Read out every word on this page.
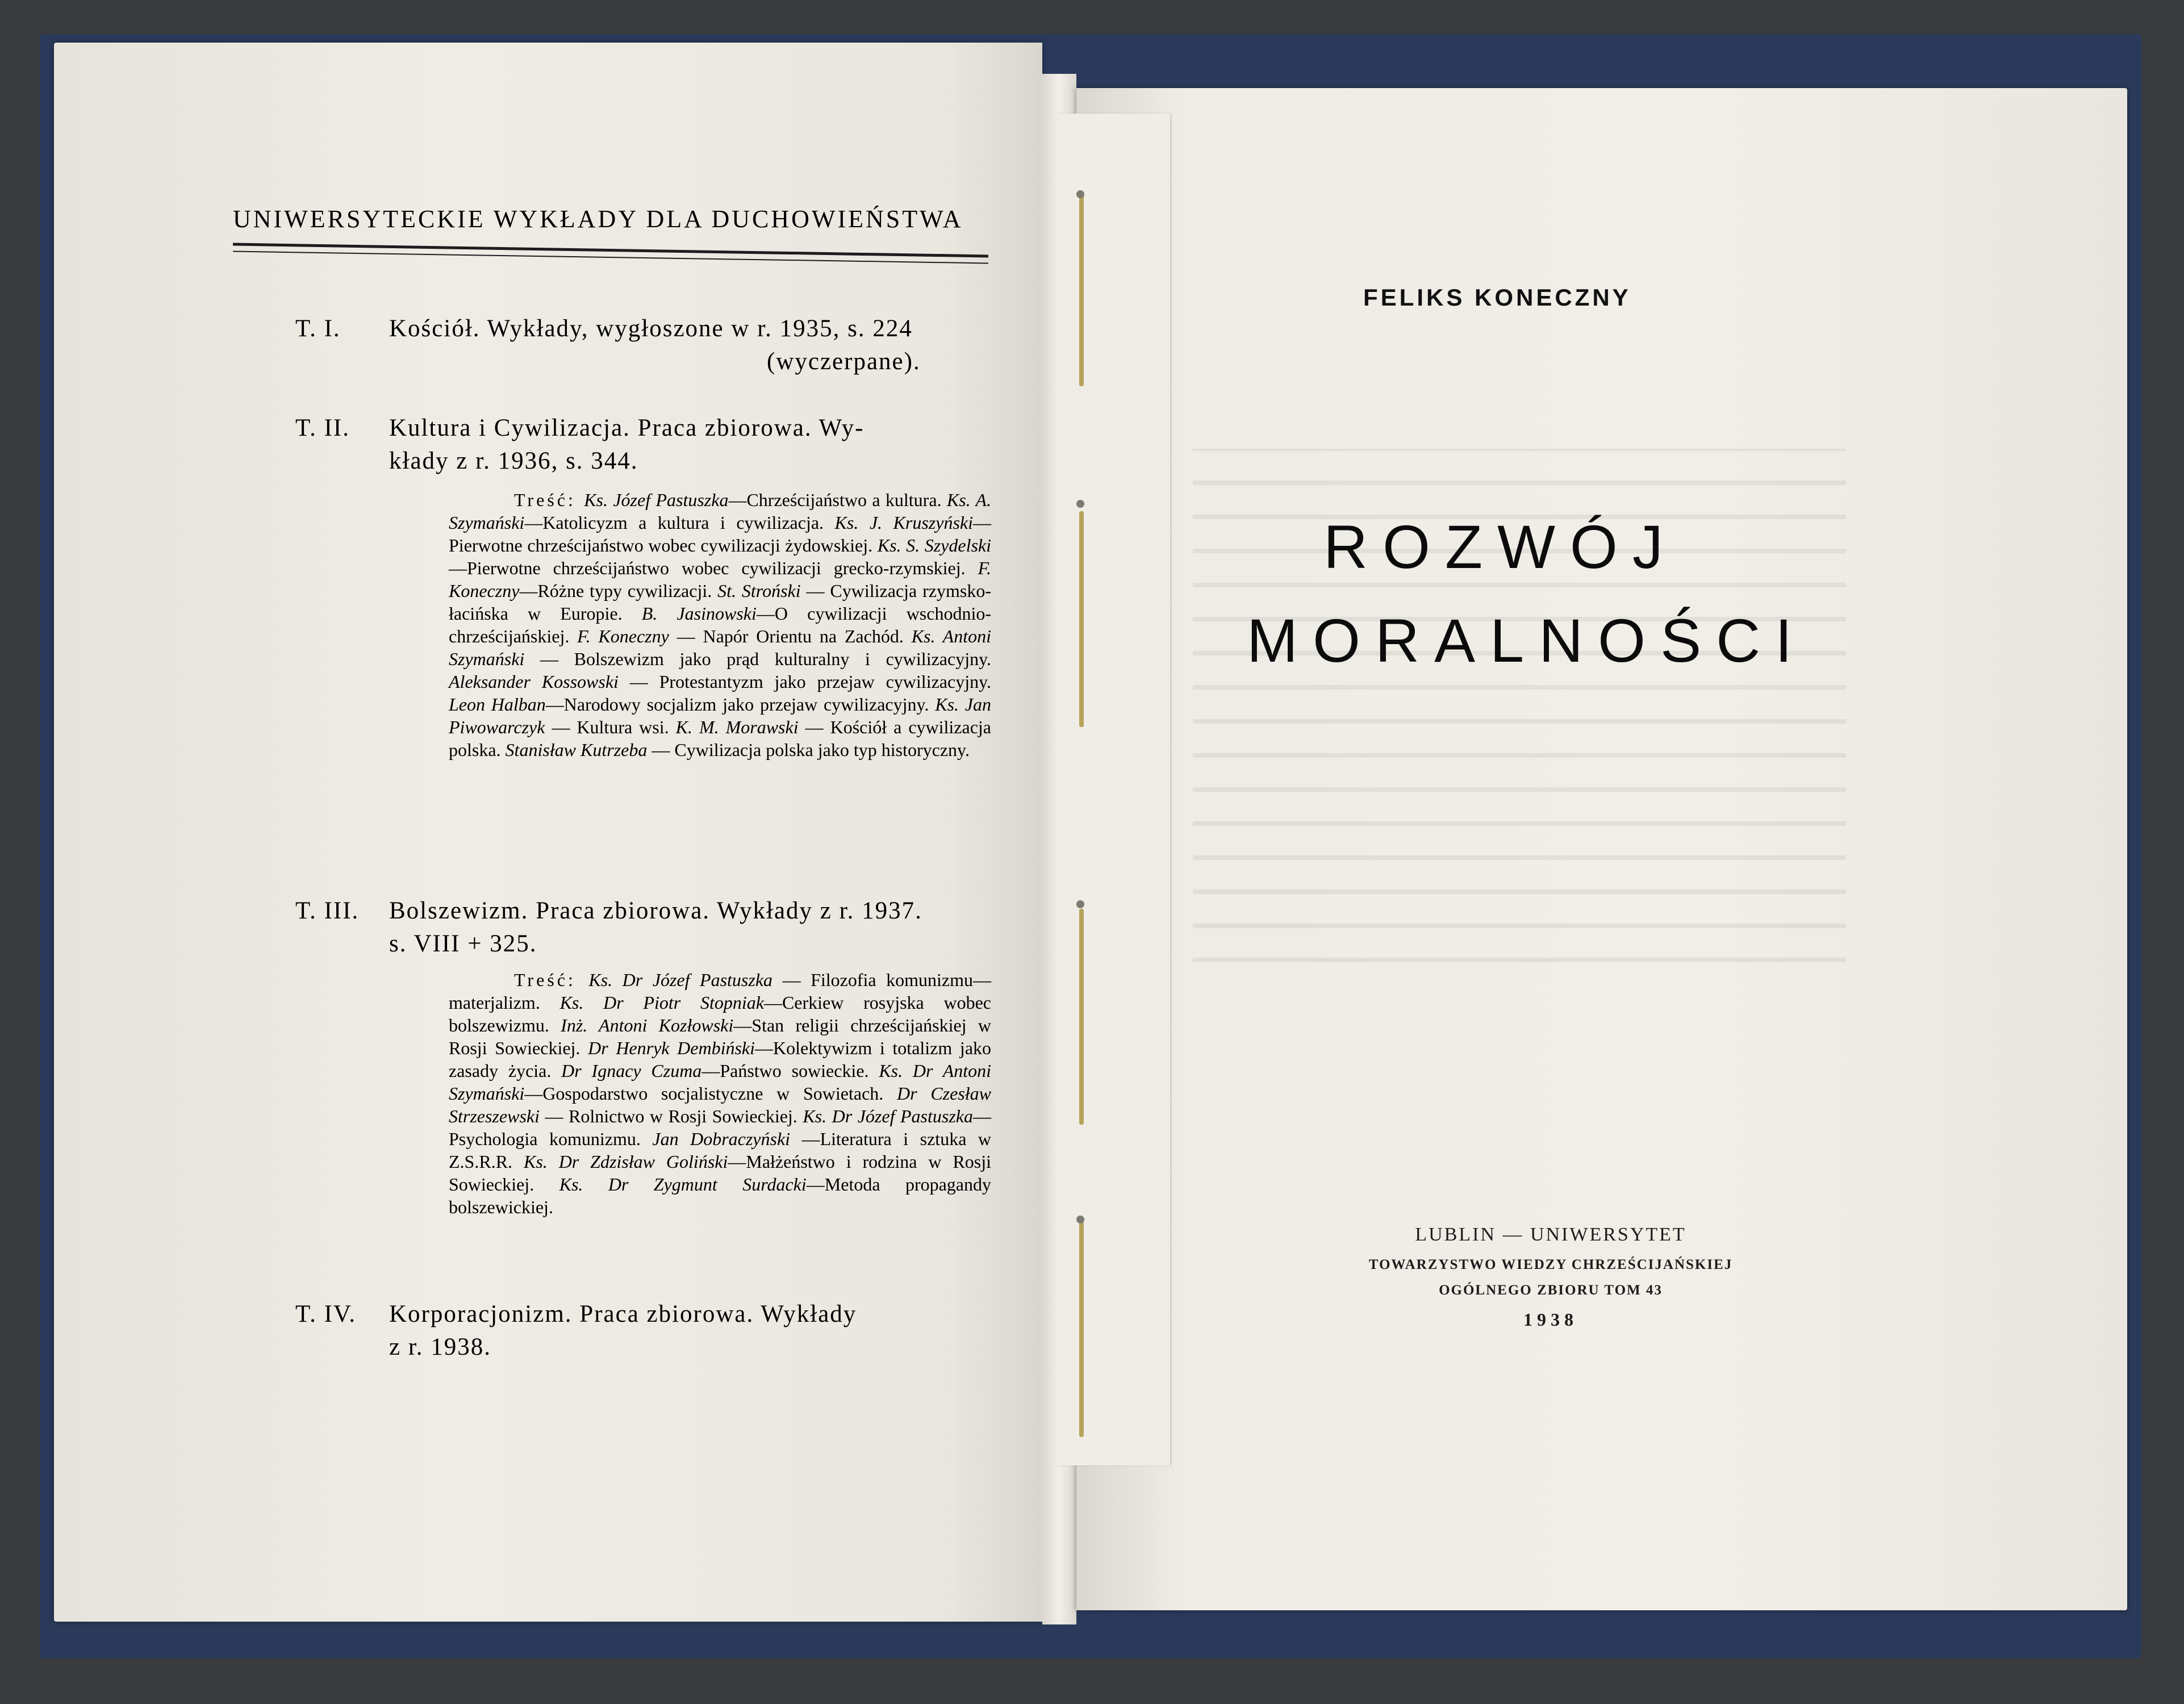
UNIWERSYTECKIE WYKŁADY DLA DUCHOWIEŃSTWA
T. I.	Kościół. Wykłady, wygłoszone w r. 1935, s. 224
(wyczerpane).
T. II.	Kultura i Cywilizacja. Praca zbiorowa. Wy-
kłady z r. 1936, s. 344.
Treść: Ks. Józef Pastuszka—Chrześcijaństwo a kultura. Ks. A. Szymański—Katolicyzm a kultura i cywilizacja. Ks. J. Kruszyński—Pierwotne chrześcijaństwo wobec cywilizacji żydowskiej. Ks. S. Szydelski—Pierwotne chrześcijaństwo wobec cywilizacji grecko-rzymskiej. F. Koneczny—Różne typy cywilizacji. St. Stroński — Cywilizacja rzymsko-łacińska w Europie. B. Jasinowski—O cywilizacji wschodnio-chrześcijańskiej. F. Koneczny — Napór Orientu na Zachód. Ks. Antoni Szymański — Bolszewizm jako prąd kulturalny i cywilizacyjny. Aleksander Kossowski — Protestantyzm jako przejaw cywilizacyjny. Leon Halban—Narodowy socjalizm jako przejaw cywilizacyjny. Ks. Jan Piwowarczyk — Kultura wsi. K. M. Morawski — Kościół a cywilizacja polska. Stanisław Kutrzeba — Cywilizacja polska jako typ historyczny.
T. III.	Bolszewizm. Praca zbiorowa. Wykłady z r. 1937.
s. VIII + 325.
Treść: Ks. Dr Józef Pastuszka — Filozofia komunizmu—materjalizm. Ks. Dr Piotr Stopniak—Cerkiew rosyjska wobec bolszewizmu. Inż. Antoni Kozłowski—Stan religii chrześcijańskiej w Rosji Sowieckiej. Dr Henryk Dembiński—Kolektywizm i totalizm jako zasady życia. Dr Ignacy Czuma—Państwo sowieckie. Ks. Dr Antoni Szymański—Gospodarstwo socjalistyczne w Sowietach. Dr Czesław Strzeszewski — Rolnictwo w Rosji Sowieckiej. Ks. Dr Józef Pastuszka—Psychologia komunizmu. Jan Dobraczyński —Literatura i sztuka w Z.S.R.R. Ks. Dr Zdzisław Goliński—Małżeństwo i rodzina w Rosji Sowieckiej. Ks. Dr Zygmunt Surdacki—Metoda propagandy bolszewickiej.
T. IV.	Korporacjonizm. Praca zbiorowa. Wykłady
z r. 1938.
FELIKS KONECZNY
ROZWÓJ
MORALNOŚCI
LUBLIN — UNIWERSYTET
TOWARZYSTWO WIEDZY CHRZEŚCIJAŃSKIEJ
OGÓLNEGO ZBIORU TOM 43
1938
